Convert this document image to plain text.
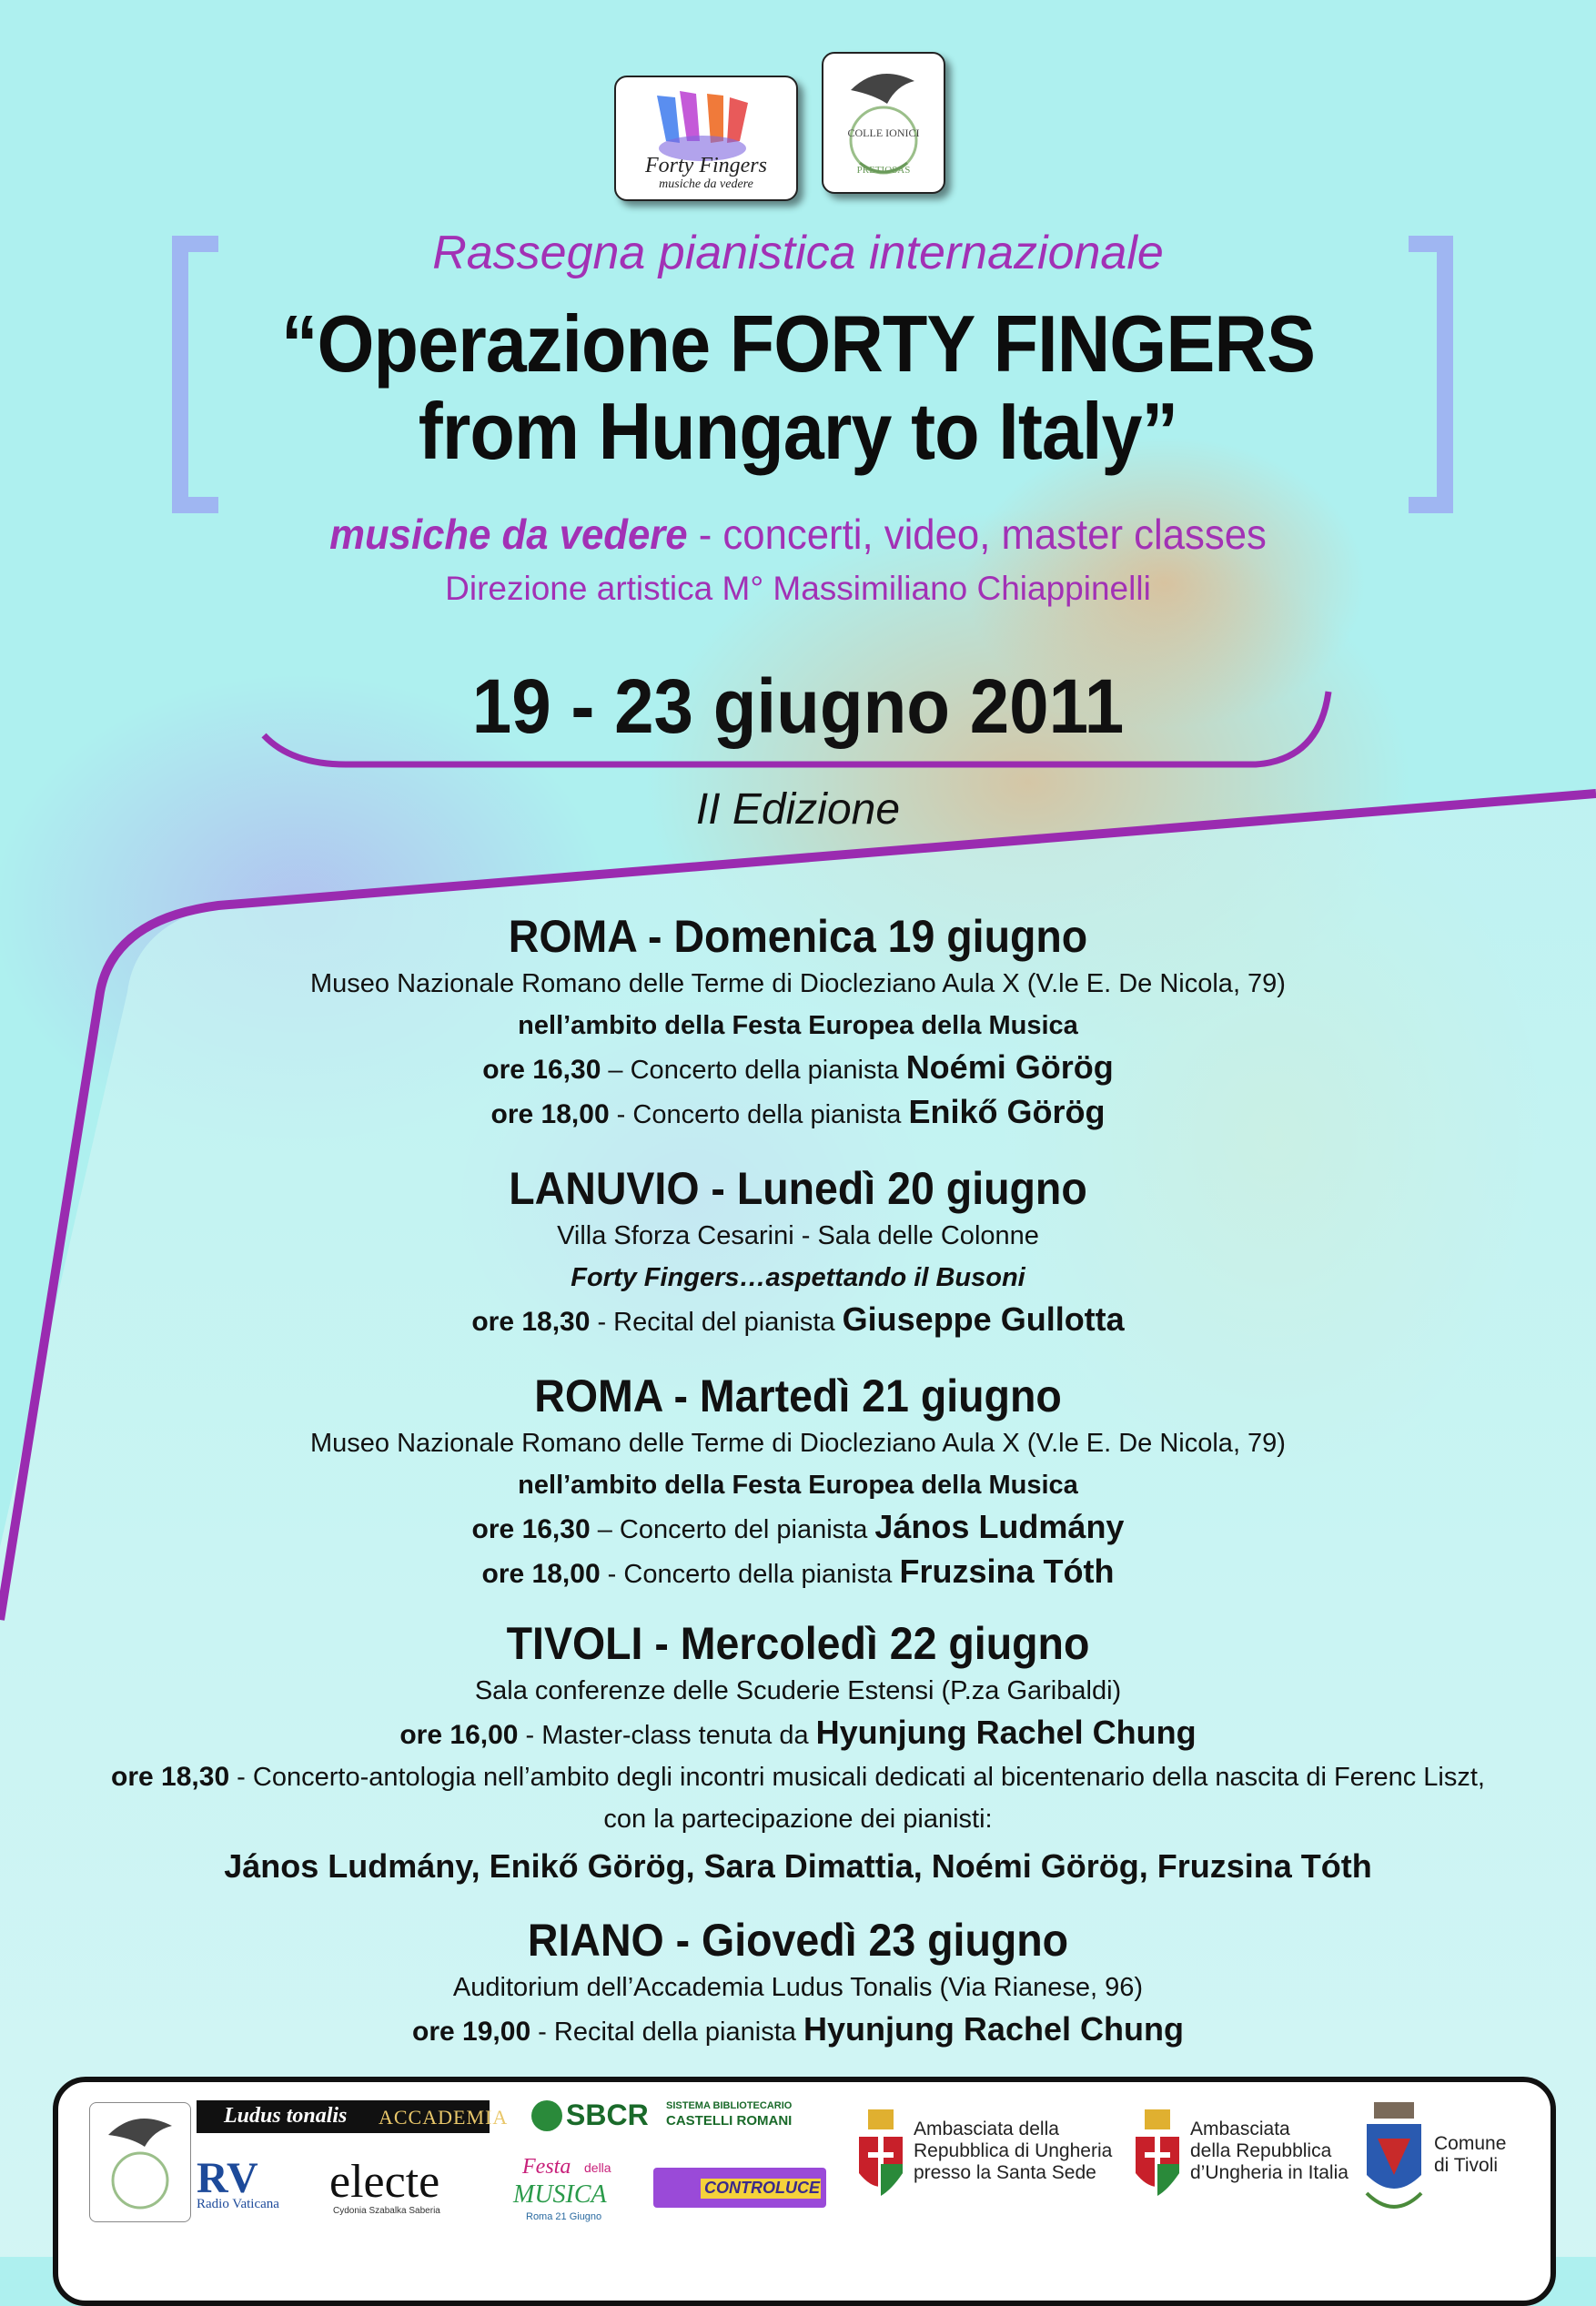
Forty Fingers
musiche da vedere
COLLE IONICI
PRETIOSAS
Rassegna pianistica internazionale
“Operazione FORTY FINGERS
from Hungary to Italy”
musiche da vedere - concerti, video, master classes
Direzione artistica M° Massimiliano Chiappinelli
19 - 23 giugno 2011
II Edizione
ROMA - Domenica 19 giugno
Museo Nazionale Romano delle Terme di Diocleziano Aula X (V.le E. De Nicola, 79)
nell’ambito della Festa Europea della Musica
ore 16,30 – Concerto della pianista Noémi Görög
ore 18,00 - Concerto della pianista Enikő Görög
LANUVIO - Lunedì 20 giugno
Villa Sforza Cesarini - Sala delle Colonne
Forty Fingers…aspettando il Busoni
ore 18,30 - Recital del pianista Giuseppe Gullotta
ROMA - Martedì 21 giugno
Museo Nazionale Romano delle Terme di Diocleziano Aula X (V.le E. De Nicola, 79)
nell’ambito della Festa Europea della Musica
ore 16,30 – Concerto del pianista János Ludmány
ore 18,00 - Concerto della pianista Fruzsina Tóth
TIVOLI - Mercoledì 22 giugno
Sala conferenze delle Scuderie Estensi (P.za Garibaldi)
ore 16,00 - Master-class tenuta da Hyunjung Rachel Chung
ore 18,30 - Concerto-antologia nell’ambito degli incontri musicali dedicati al bicentenario della nascita di Ferenc Liszt,
con la partecipazione dei pianisti:
János Ludmány, Enikő Görög, Sara Dimattia, Noémi Görög, Fruzsina Tóth
RIANO - Giovedì 23 giugno
Auditorium dell’Accademia Ludus Tonalis (Via Rianese, 96)
ore 19,00 - Recital della pianista Hyunjung Rachel Chung
Ludus tonalis ACCADEMIA SBCR SISTEMA BIBLIOTECARIO
CASTELLI ROMANI
RV
Radio Vaticana electe
Cydonia Szabalka Saberia
Festa della
MUSICA
Roma 21 Giugno
CONTROLUCE
Ambasciata della
Repubblica di Ungheria
presso la Santa Sede
Ambasciata
della Repubblica
d’Ungheria in Italia
Comune
di Tivoli
